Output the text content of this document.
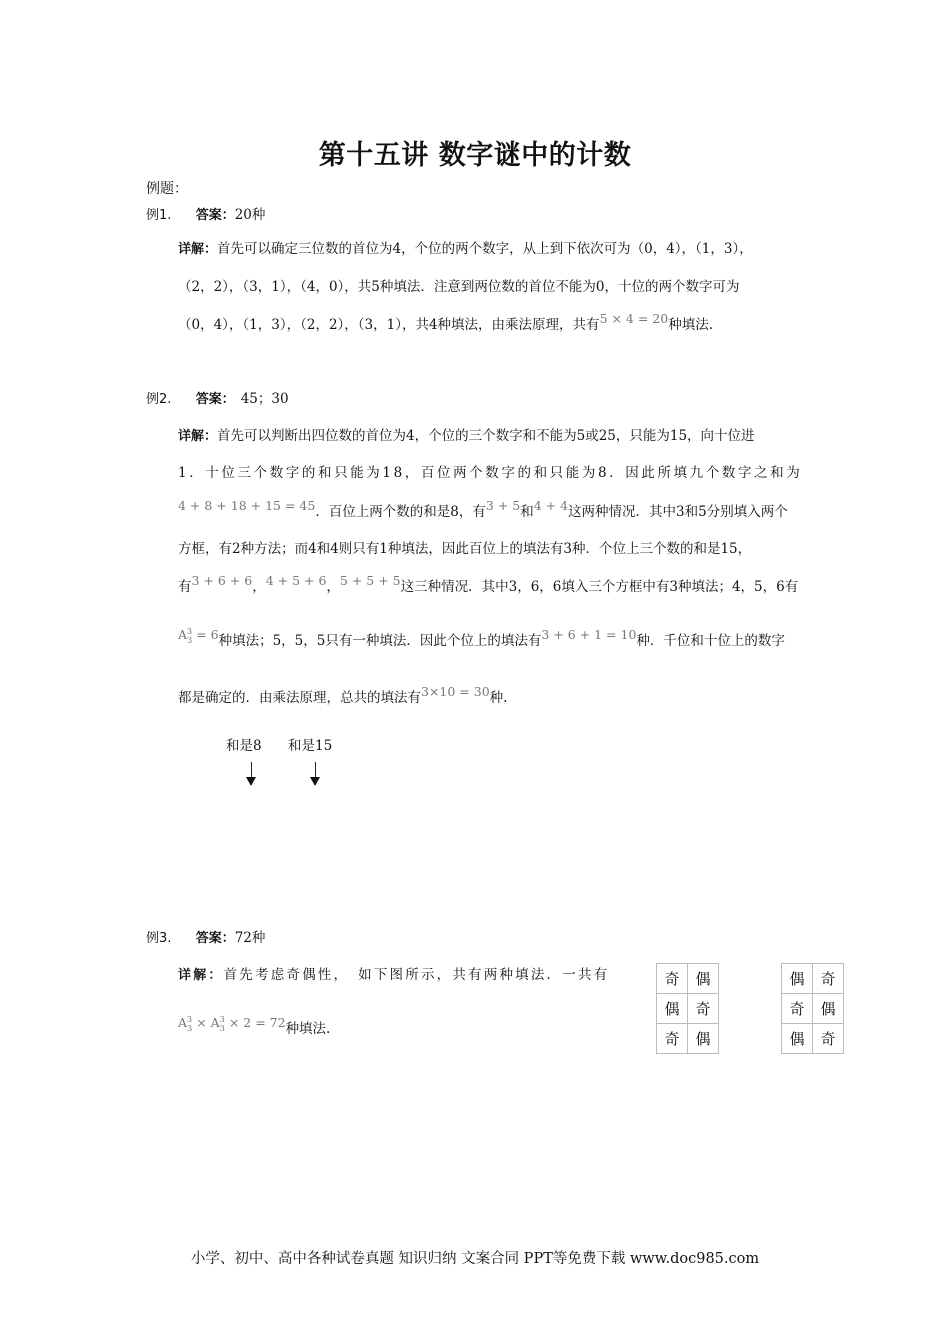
第十五讲 数字谜中的计数
例题：
例1. 答案：20种
详解：首先可以确定三位数的首位为4，个位的两个数字，从上到下依次可为（0，4），（1，3），
（2，2），（3，1），（4，0），共5种填法．注意到两位数的首位不能为0，十位的两个数字可为
（0，4），（1，3），（2，2），（3，1），共4种填法，由乘法原理，共有5 × 4 = 20种填法.
例2. 答案： 45；30
详解：首先可以判断出四位数的首位为4，个位的三个数字和不能为5或25，只能为15，向十位进
1．十位三个数字的和只能为18，百位两个数字的和只能为8．因此所填九个数字之和为
4 + 8 + 18 + 15 = 45．百位上两个数的和是8，有3 + 5和4 + 4这两种情况．其中3和5分别填入两个
方框，有2种方法；而4和4则只有1种填法，因此百位上的填法有3种．个位上三个数的和是15，
有3 + 6 + 6，4 + 5 + 6，5 + 5 + 5这三种情况．其中3，6，6填入三个方框中有3种填法；4，5，6有
$A^3_3 = 6$种填法；5，5，5只有一种填法．因此个位上的填法有3 + 6 + 1 = 10种．千位和十位上的数字
都是确定的．由乘法原理，总共的填法有3×10 = 30种.
和是8 和是15
例3. 答案：72种
详解：首先考虑奇偶性，　如下图所示，共有两种填法．一共有
$A^3_3 \times A^3_3 \times 2 = 72$种填法.
奇	偶
偶	奇
奇	偶
偶	奇
奇	偶
偶	奇
小学、初中、高中各种试卷真题 知识归纳 文案合同 PPT等免费下载 www.doc985.com
